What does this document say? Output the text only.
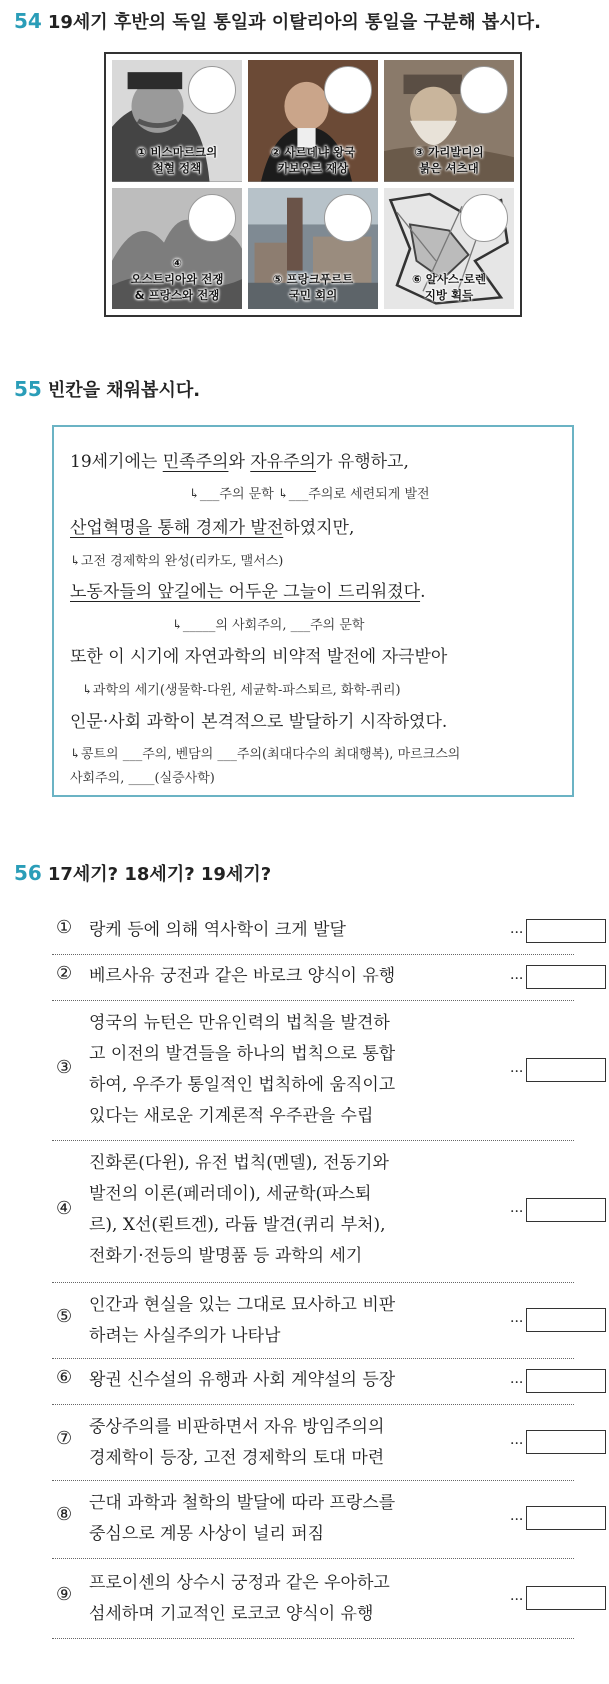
54 19세기 후반의 독일 통일과 이탈리아의 통일을 구분해 봅시다.
① 비스마르크의
철혈 정책
② 사르데냐 왕국
카보우르 재상
③ 가리발디의
붉은 셔츠대
④
오스트리아와 전쟁
& 프랑스와 전쟁
⑤ 프랑크푸르트
국민 회의
⑥ 알사스-로렌
지방 획득
55 빈칸을 채워봅시다.
19세기에는 민족주의와 자유주의가 유행하고,
↳___주의 문학 ↳___주의로 세련되게 발전
산업혁명을 통해 경제가 발전하였지만,
↳고전 경제학의 완성(리카도, 맬서스)
노동자들의 앞길에는 어두운 그늘이 드리워졌다.
↳_____의 사회주의, ___주의 문학
또한 이 시기에 자연과학의 비약적 발전에 자극받아
↳과학의 세기(생물학-다윈, 세균학-파스퇴르, 화학-퀴리)
인문·사회 과학이 본격적으로 발달하기 시작하였다.
↳콩트의 ___주의, 벤담의 ___주의(최대다수의 최대행복), 마르크스의
사회주의, ____(실증사학)
56 17세기? 18세기? 19세기?
① 랑케 등에 의해 역사학이 크게 발달	···
② 베르사유 궁전과 같은 바로크 양식이 유행	···
③
영국의 뉴턴은 만유인력의 법칙을 발견하
고 이전의 발견들을 하나의 법칙으로 통합
하여, 우주가 통일적인 법칙하에 움직이고
있다는 새로운 기계론적 우주관을 수립
···
④
진화론(다윈), 유전 법칙(멘델), 전동기와
발전의 이론(페러데이), 세균학(파스퇴
르), X선(뢴트겐), 라듐 발견(퀴리 부처),
전화기·전등의 발명품 등 과학의 세기
···
⑤
인간과 현실을 있는 그대로 묘사하고 비판
하려는 사실주의가 나타남
···
⑥ 왕권 신수설의 유행과 사회 계약설의 등장	···
⑦
중상주의를 비판하면서 자유 방임주의의
경제학이 등장, 고전 경제학의 토대 마련
···
⑧
근대 과학과 철학의 발달에 따라 프랑스를
중심으로 계몽 사상이 널리 퍼짐
···
⑨
프로이센의 상수시 궁정과 같은 우아하고
섬세하며 기교적인 로코코 양식이 유행
···
